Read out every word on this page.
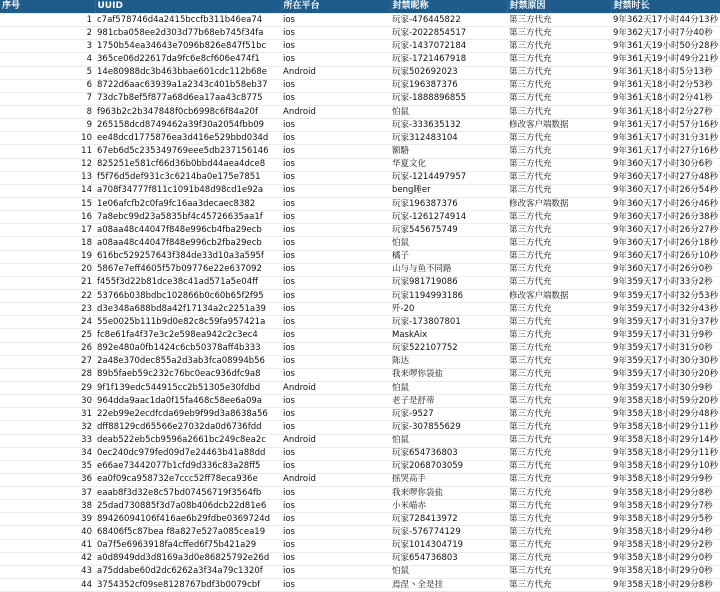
序号	UUID	所在平台	封禁昵称	封禁原因	封禁时长
1	c7af578746d4a2415bccfb311b46ea74	ios	玩家-476445822	第三方代充	9年362天17小时44分13秒
2	981cba058ee2d303d77b68eb745f34fa	ios	玩家-2022854517	第三方代充	9年362天17小时7分40秒
3	1750b54ea34643e7096b826e847f51bc	ios	玩家-1437072184	第三方代充	9年361天19小时50分28秒
4	365ce06d22617da9fc6e8cf606e474f1	ios	玩家-1721467918	第三方代充	9年361天19小时49分21秒
5	14e80988dc3b463bbae601cdc112b68e	Android	玩家502692023	第三方代充	9年361天18小时5分13秒
6	8722d6aac63939a1a2343c401b58eb37	ios	玩家196387376	第三方代充	9年361天18小时2分53秒
7	73dc7b8ef5f877a68d6ea17aa43c8775	ios	玩家-1888896855	第三方代充	9年361天18小时2分41秒
8	f963b2c2b347848f0cb6998c6f84a20f	Android	怕鼠	第三方代充	9年361天18小时2分27秒
9	265158dcd8749462a39f30a2054fbb09	ios	玩家-333635132	修改客户端数据	9年361天17小时57分16秒
10	ee48dcd1775876ea3d416e529bbd034d	ios	玩家312483104	第三方代充	9年361天17小时31分31秒
11	67eb6d5c235349769eee5db237156146	ios	额駱	第三方代充	9年361天17小时27分16秒
12	825251e581cf66d36b0bbd44aea4dce8	ios	华夏文化	第三方代充	9年360天17小时30分6秒
13	f5f76d5def931c3c6214ba0e175e7851	ios	玩家-1214497957	第三方代充	9年360天17小时27分48秒
14	a708f34777f811c1091b48d98cd1e92a	ios	beng睡er	第三方代充	9年360天17小时26分54秒
15	1e06afcfb2c0fa9fc16aa3decaec8382	ios	玩家196387376	修改客户端数据	9年360天17小时26分46秒
16	7a8ebc99d23a5835bf4c45726635aa1f	ios	玩家-1261274914	第三方代充	9年360天17小时26分38秒
17	a08aa48c44047f848e996cb4fba29ecb	ios	玩家545675749	第三方代充	9年360天17小时26分27秒
18	a08aa48c44047f848e996cb2fba29ecb	ios	怕鼠	第三方代充	9年360天17小时26分18秒
19	616bc529257643f384de33d10a3a595f	ios	橘子	第三方代充	9年360天17小时26分10秒
20	5867e7eff4605f57b09776e22e637092	ios	山与与鱼不同路	第三方代充	9年360天17小时26分0秒
21	f455f3d22b81dce38c41ad571a5e04ff	ios	玩家981719086	第三方代充	9年359天17小时33分2秒
22	53766b038bdbc102866b0c60b65f2f95	ios	玩家1194993186	修改客户端数据	9年359天17小时32分53秒
23	d3e348a688bd8a42f17134a2c2251a39	ios	歼-20	第三方代充	9年359天17小时32分43秒
24	55e0025b111b9d0e82c8c59fa957421a	ios	玩家-173807801	第三方代充	9年359天17小时31分37秒
25	fc8e61fa4f37e3c2e598ea942c2c3ec4	ios	MaskAix	第三方代充	9年359天17小时31分9秒
26	892e480a0fb1424c6cb50378aff4b333	ios	玩家522107752	第三方代充	9年359天17小时31分0秒
27	2a48e370dec855a2d3ab3fca08994b56	ios	陈达	第三方代充	9年359天17小时30分30秒
28	89b5faeb59c232c76bc0eac936dfc9a8	ios	我来啰你袋盐	第三方代充	9年359天17小时30分20秒
29	9f1f139edc544915cc2b51305e30fdbd	Android	怕鼠	第三方代充	9年359天17小时30分9秒
30	964dda9aac1da0f15fa468c58ee6a09a	ios	老子是舒蒂	第三方代充	9年358天18小时59分20秒
31	22eb99e2ecdfcda69eb9f99d3a8638a56	ios	玩家-9527	第三方代充	9年358天18小时29分48秒
32	dff88129cd65566e27032da0d6736fdd	ios	玩家-307855629	第三方代充	9年358天18小时29分11秒
33	deab522eb5cb9596a2661bc249c8ea2c	Android	怕鼠	第三方代充	9年358天18小时29分14秒
34	0ec240dc979fed09d7e24463b41a88dd	ios	玩家654736803	第三方代充	9年358天18小时29分11秒
35	e66ae73442077b1cfd9d336c83a28ff5	ios	玩家2068703059	第三方代充	9年358天18小时29分10秒
36	ea0f09ca958732e7ccc52ff78eca936e	Android	摇哭高手	第三方代充	9年358天18小时29分9秒
37	eaab8f3d32e8c57bd07456719f3564fb	ios	我来啰你袋盐	第三方代充	9年358天18小时29分8秒
38	25dad730885f3d7a08b406dcb22d81e6	ios	小米喵赤	第三方代充	9年358天18小时29分7秒
39	89426094106f416ae6b29fdbe0369724d	ios	玩家728413972	第三方代充	9年358天18小时29分5秒
40	68406f5c87bea f8a827e527a085cea19	ios	玩家-576774129	第三方代充	9年358天18小时29分4秒
41	0a7f5e6963918fa4cffed6f75b421a29	ios	玩家1014304719	第三方代充	9年358天18小时29分2秒
42	a0d8949dd3d8169a3d0e86825792e26d	ios	玩家654736803	第三方代充	9年358天18小时29分0秒
43	a75ddabe60d2dc6262a3f34a79c1320f	ios	怕鼠	第三方代充	9年358天18小时29分0秒
44	3754352cf09se8128767bdf3b0079cbf	ios	焉涅丶全是挂	第三方代充	9年358天18小时29分8秒
